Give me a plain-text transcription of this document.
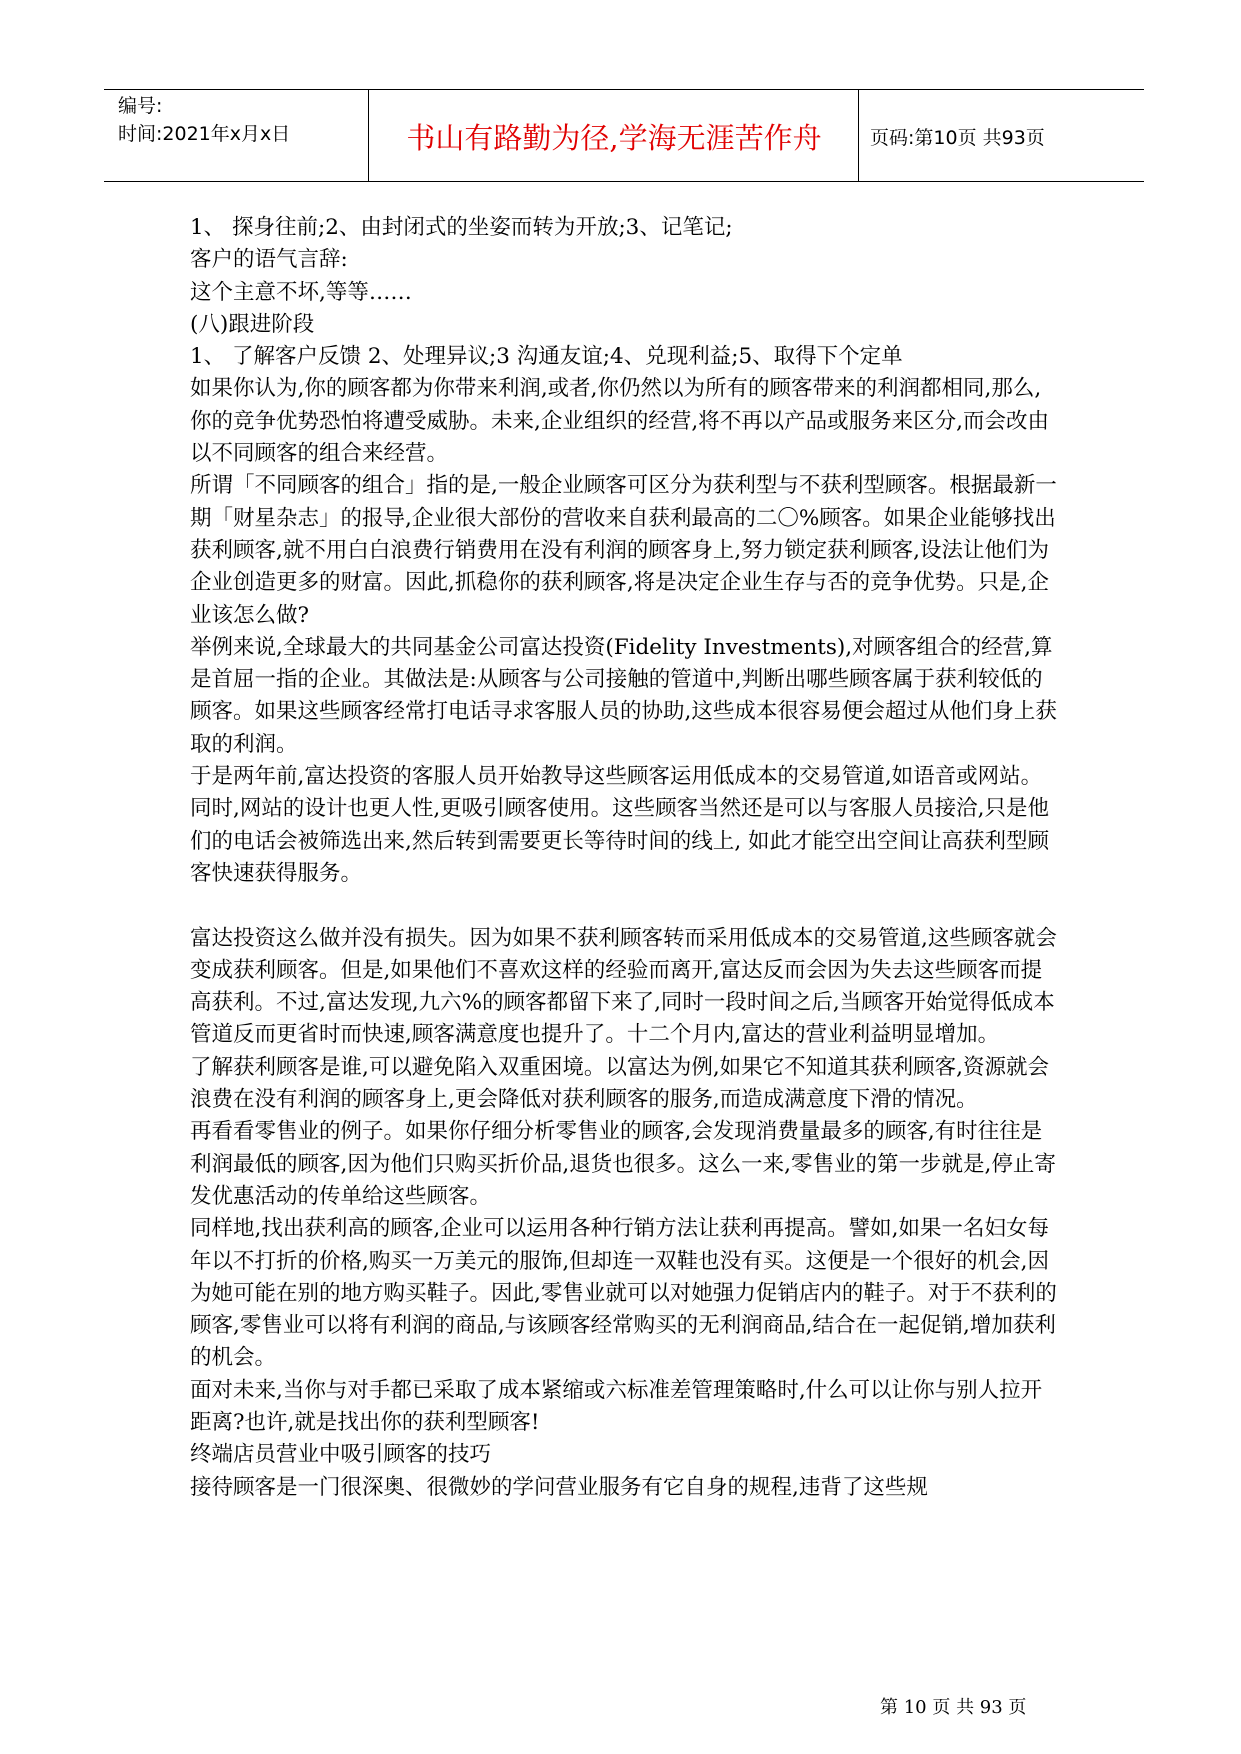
编号:
时间:2021年x月x日	书山有路勤为径,学海无涯苦作舟	页码:第10页 共93页

1、 探身往前;2、由封闭式的坐姿而转为开放;3、记笔记;

客户的语气言辞:

这个主意不坏,等等……

(八)跟进阶段

1、 了解客户反馈 2、处理异议;3 沟通友谊;4、兑现利益;5、取得下个定单

如果你认为,你的顾客都为你带来利润,或者,你仍然以为所有的顾客带来的利润都相同,那么,你的竞争优势恐怕将遭受威胁。未来,企业组织的经营,将不再以产品或服务来区分,而会改由以不同顾客的组合来经营。

所谓「不同顾客的组合」指的是,一般企业顾客可区分为获利型与不获利型顾客。根据最新一期「财星杂志」的报导,企业很大部份的营收来自获利最高的二〇%顾客。如果企业能够找出获利顾客,就不用白白浪费行销费用在没有利润的顾客身上,努力锁定获利顾客,设法让他们为企业创造更多的财富。因此,抓稳你的获利顾客,将是决定企业生存与否的竞争优势。只是,企业该怎么做?

举例来说,全球最大的共同基金公司富达投资(Fidelity Investments),对顾客组合的经营,算是首屈一指的企业。其做法是:从顾客与公司接触的管道中,判断出哪些顾客属于获利较低的顾客。如果这些顾客经常打电话寻求客服人员的协助,这些成本很容易便会超过从他们身上获取的利润。

于是两年前,富达投资的客服人员开始教导这些顾客运用低成本的交易管道,如语音或网站。同时,网站的设计也更人性,更吸引顾客使用。这些顾客当然还是可以与客服人员接洽,只是他们的电话会被筛选出来,然后转到需要更长等待时间的线上, 如此才能空出空间让高获利型顾客快速获得服务。

富达投资这么做并没有损失。因为如果不获利顾客转而采用低成本的交易管道,这些顾客就会变成获利顾客。但是,如果他们不喜欢这样的经验而离开,富达反而会因为失去这些顾客而提高获利。不过,富达发现,九六%的顾客都留下来了,同时一段时间之后,当顾客开始觉得低成本管道反而更省时而快速,顾客满意度也提升了。十二个月内,富达的营业利益明显增加。

了解获利顾客是谁,可以避免陷入双重困境。以富达为例,如果它不知道其获利顾客,资源就会浪费在没有利润的顾客身上,更会降低对获利顾客的服务,而造成满意度下滑的情况。

再看看零售业的例子。如果你仔细分析零售业的顾客,会发现消费量最多的顾客,有时往往是利润最低的顾客,因为他们只购买折价品,退货也很多。这么一来,零售业的第一步就是,停止寄发优惠活动的传单给这些顾客。

同样地,找出获利高的顾客,企业可以运用各种行销方法让获利再提高。譬如,如果一名妇女每年以不打折的价格,购买一万美元的服饰,但却连一双鞋也没有买。这便是一个很好的机会,因为她可能在别的地方购买鞋子。因此,零售业就可以对她强力促销店内的鞋子。对于不获利的顾客,零售业可以将有利润的商品,与该顾客经常购买的无利润商品,结合在一起促销,增加获利的机会。

面对未来,当你与对手都已采取了成本紧缩或六标准差管理策略时,什么可以让你与别人拉开距离?也许,就是找出你的获利型顾客!

终端店员营业中吸引顾客的技巧

接待顾客是一门很深奥、很微妙的学问营业服务有它自身的规程,违背了这些规

第 10 页 共 93 页
